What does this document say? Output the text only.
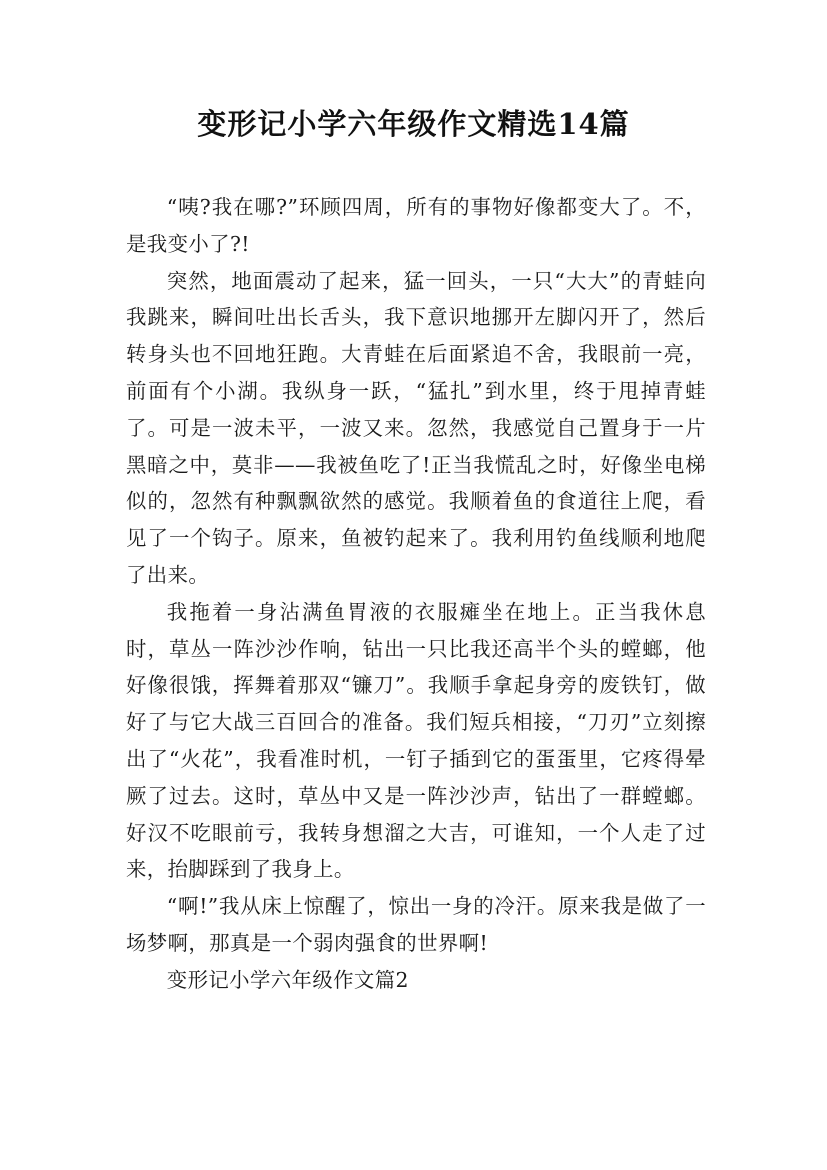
变形记小学六年级作文精选14篇

“咦?我在哪?”环顾四周，所有的事物好像都变大了。不，是我变小了?!

突然，地面震动了起来，猛一回头，一只“大大”的青蛙向我跳来，瞬间吐出长舌头，我下意识地挪开左脚闪开了，然后转身头也不回地狂跑。大青蛙在后面紧追不舍，我眼前一亮，前面有个小湖。我纵身一跃，“猛扎”到水里，终于甩掉青蛙了。可是一波未平，一波又来。忽然，我感觉自己置身于一片黑暗之中，莫非——我被鱼吃了!正当我慌乱之时，好像坐电梯似的，忽然有种飘飘欲然的感觉。我顺着鱼的食道往上爬，看见了一个钩子。原来，鱼被钓起来了。我利用钓鱼线顺利地爬了出来。

我拖着一身沾满鱼胃液的衣服瘫坐在地上。正当我休息时，草丛一阵沙沙作响，钻出一只比我还高半个头的螳螂，他好像很饿，挥舞着那双“镰刀”。我顺手拿起身旁的废铁钉，做好了与它大战三百回合的准备。我们短兵相接，“刀刃”立刻擦出了“火花”，我看准时机，一钉子插到它的蛋蛋里，它疼得晕厥了过去。这时，草丛中又是一阵沙沙声，钻出了一群螳螂。好汉不吃眼前亏，我转身想溜之大吉，可谁知，一个人走了过来，抬脚踩到了我身上。

“啊!”我从床上惊醒了，惊出一身的冷汗。原来我是做了一场梦啊，那真是一个弱肉强食的世界啊!

变形记小学六年级作文篇2
